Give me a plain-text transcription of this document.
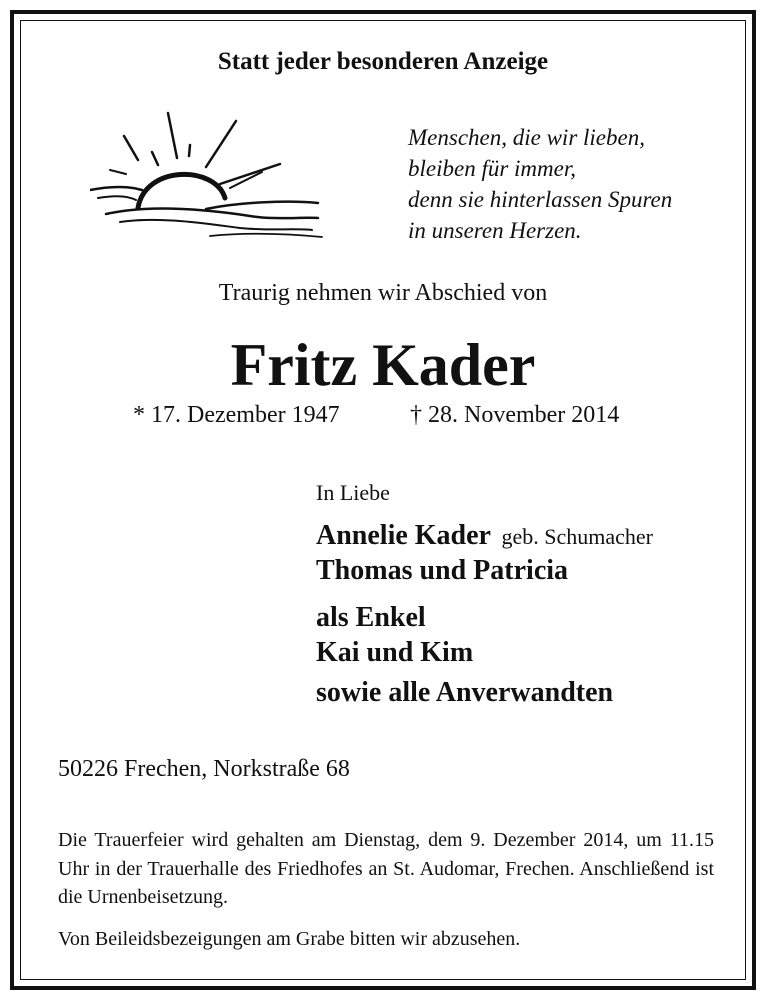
Statt jeder besonderen Anzeige
Menschen, die wir lieben,
bleiben für immer,
denn sie hinterlassen Spuren
in unseren Herzen.
Traurig nehmen wir Abschied von
Fritz Kader
* 17. Dezember 1947	† 28. November 2014
In Liebe
Annelie Kader geb. Schumacher
Thomas und Patricia
als Enkel
Kai und Kim
sowie alle Anverwandten
50226 Frechen, Norkstraße 68
Die Trauerfeier wird gehalten am Dienstag, dem 9. Dezember 2014, um 11.15 Uhr in der Trauerhalle des Friedhofes an St. Audomar, Frechen. Anschließend ist die Urnenbeisetzung.
Von Beileidsbezeigungen am Grabe bitten wir abzusehen.
